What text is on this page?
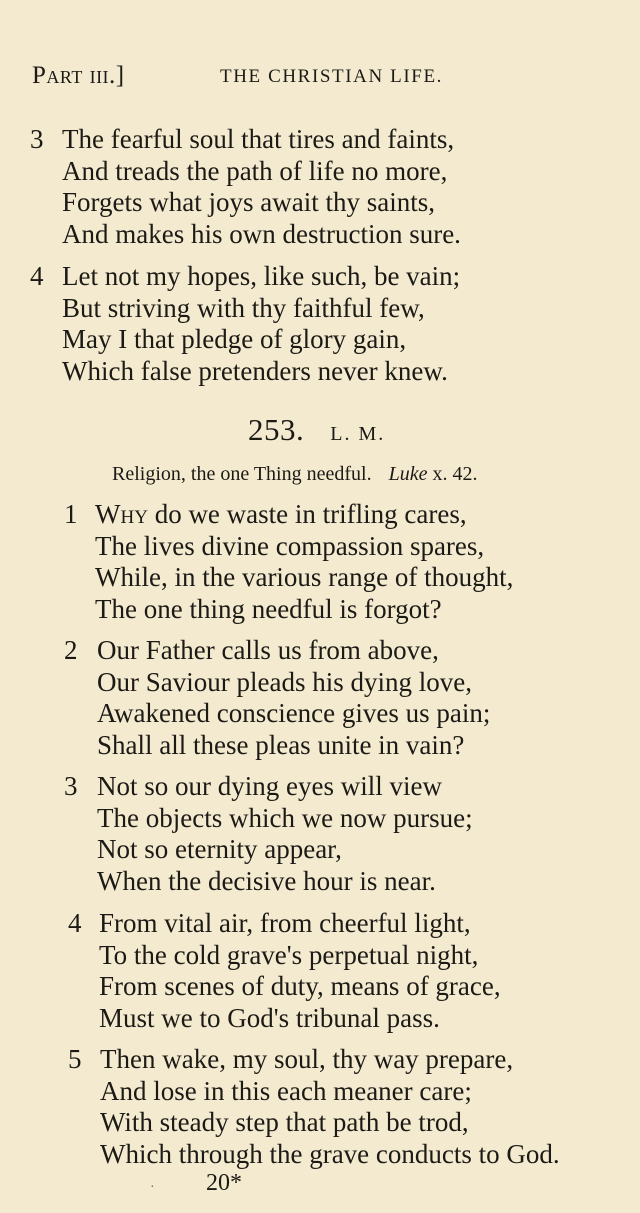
Part iii.]	THE CHRISTIAN LIFE.
3 The fearful soul that tires and faints,
And treads the path of life no more,
Forgets what joys await thy saints,
And makes his own destruction sure.
4 Let not my hopes, like such, be vain;
But striving with thy faithful few,
May I that pledge of glory gain,
Which false pretenders never knew.
253. L. M.
Religion, the one Thing needful. Luke x. 42.
1 Why do we waste in trifling cares,
The lives divine compassion spares,
While, in the various range of thought,
The one thing needful is forgot?
2 Our Father calls us from above,
Our Saviour pleads his dying love,
Awakened conscience gives us pain;
Shall all these pleas unite in vain?
3 Not so our dying eyes will view
The objects which we now pursue;
Not so eternity appear,
When the decisive hour is near.
4 From vital air, from cheerful light,
To the cold grave's perpetual night,
From scenes of duty, means of grace,
Must we to God's tribunal pass.
5 Then wake, my soul, thy way prepare,
And lose in this each meaner care;
With steady step that path be trod,
Which through the grave conducts to God.
· 20*
